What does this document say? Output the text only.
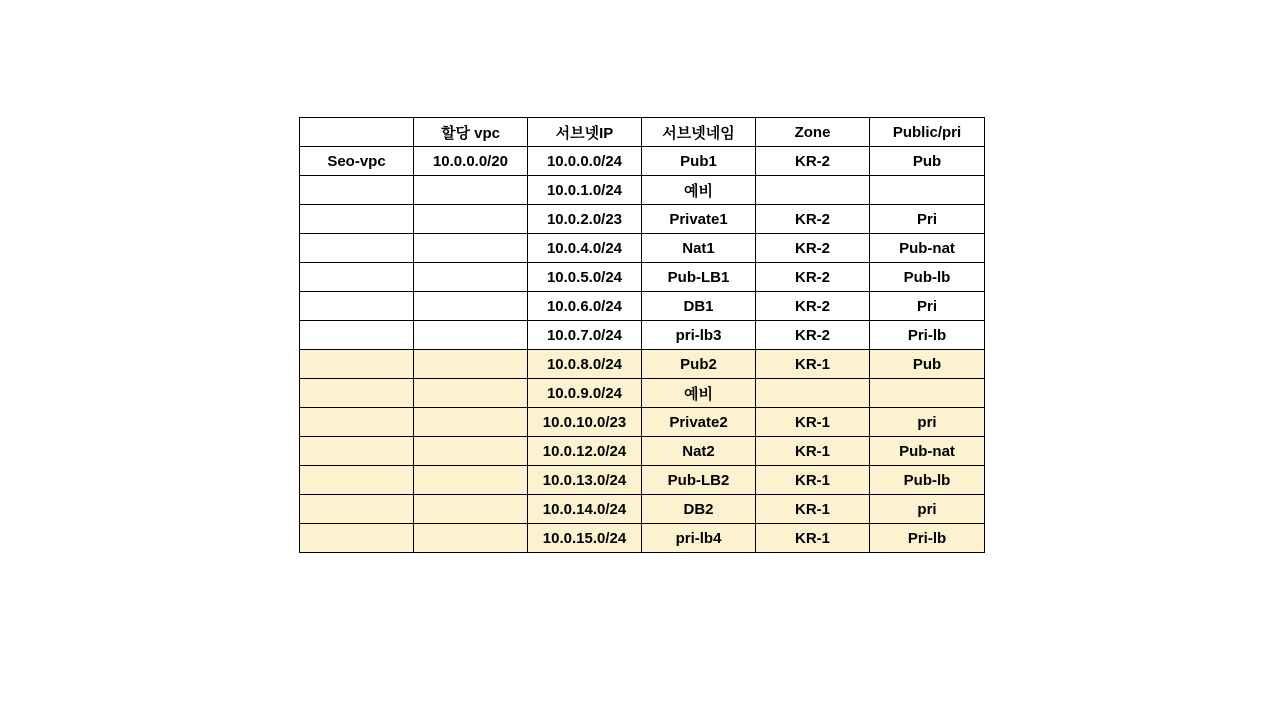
	할당 vpc	서브넷IP	서브넷네임	Zone	Public/pri
Seo-vpc	10.0.0.0/20	10.0.0.0/24	Pub1	KR-2	Pub
		10.0.1.0/24	예비		
		10.0.2.0/23	Private1	KR-2	Pri
		10.0.4.0/24	Nat1	KR-2	Pub-nat
		10.0.5.0/24	Pub-LB1	KR-2	Pub-lb
		10.0.6.0/24	DB1	KR-2	Pri
		10.0.7.0/24	pri-lb3	KR-2	Pri-lb
		10.0.8.0/24	Pub2	KR-1	Pub
		10.0.9.0/24	예비		
		10.0.10.0/23	Private2	KR-1	pri
		10.0.12.0/24	Nat2	KR-1	Pub-nat
		10.0.13.0/24	Pub-LB2	KR-1	Pub-lb
		10.0.14.0/24	DB2	KR-1	pri
		10.0.15.0/24	pri-lb4	KR-1	Pri-lb
